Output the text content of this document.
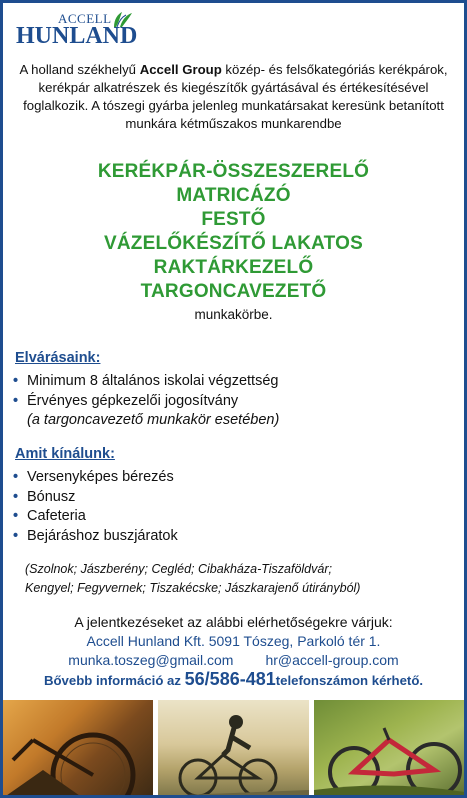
ACCELL
HUNLAND
A holland székhelyű Accell Group közép- és felsőkategóriás kerékpárok, kerékpár alkatrészek és kiegészítők gyártásával és értékesítésével foglalkozik. A tószegi gyárba jelenleg munkatársakat keresünk betanított munkára kétműszakos munkarendbe
KERÉKPÁR-ÖSSZESZERELŐ
MATRICÁZÓ
FESTŐ
VÁZELŐKÉSZÍTŐ LAKATOS
RAKTÁRKEZELŐ
TARGONCAVEZETŐ
munkakörbe.
Elvárásaink:
• Minimum 8 általános iskolai végzettség
• Érvényes gépkezelői jogosítvány
(a targoncavezető munkakör esetében)
Amit kínálunk:
• Versenyképes bérezés
• Bónusz
• Cafeteria
• Bejáráshoz buszjáratok
(Szolnok; Jászberény; Cegléd; Cibakháza-Tiszaföldvár;
Kengyel; Fegyvernek; Tiszakécske; Jászkarajenő útirányból)
A jelentkezéseket az alábbi elérhetőségekre várjuk:
Accell Hunland Kft. 5091 Tószeg, Parkoló tér 1.
munka.toszeg@gmail.com hr@accell-group.com
Bővebb információ az 56/586-481telefonszámon kérhető.
